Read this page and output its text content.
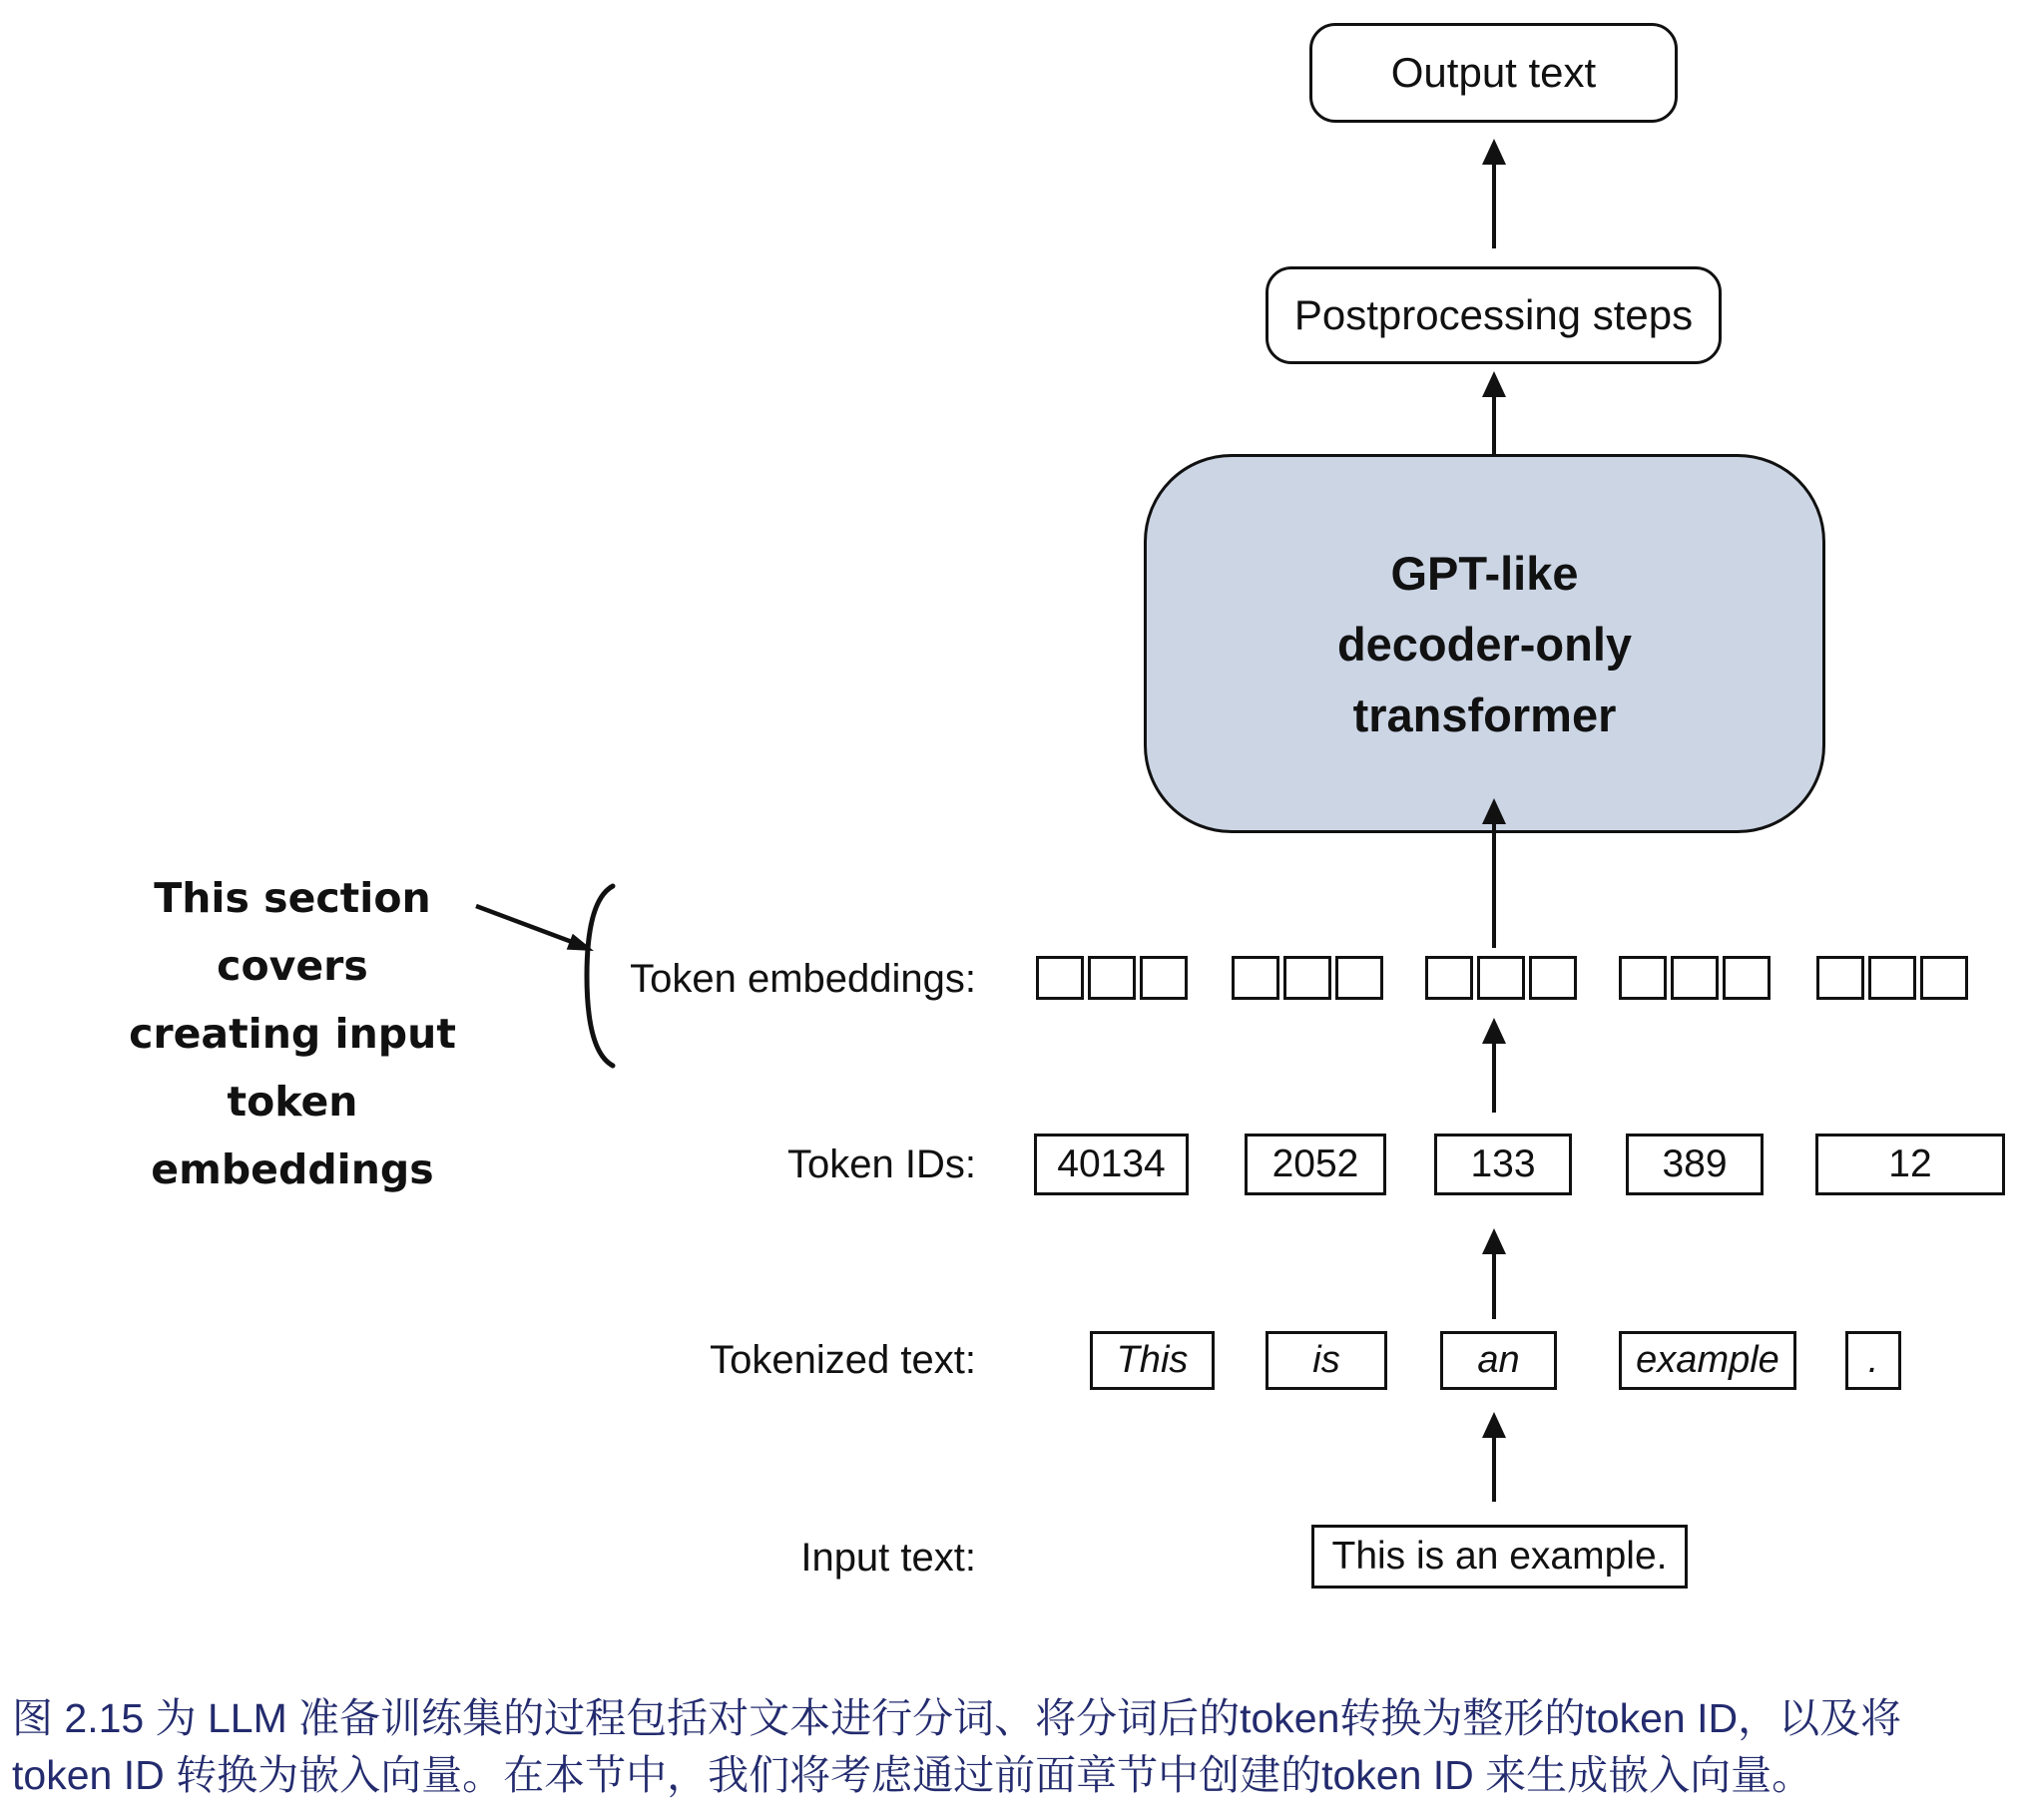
Output text
Postprocessing steps
GPT-like
decoder-only
transformer
This section covers
creating input token
embeddings
Token embeddings:
Token IDs:	40134	2052	133	389	12
Tokenized text:	This	is	an	example	.
Input text:	This is an example.
图 2.15 为 LLM 准备训练集的过程包括对文本进行分词、将分词后的token转换为整形的token ID，以及将
token ID 转换为嵌入向量。在本节中，我们将考虑通过前面章节中创建的token ID 来生成嵌入向量。
